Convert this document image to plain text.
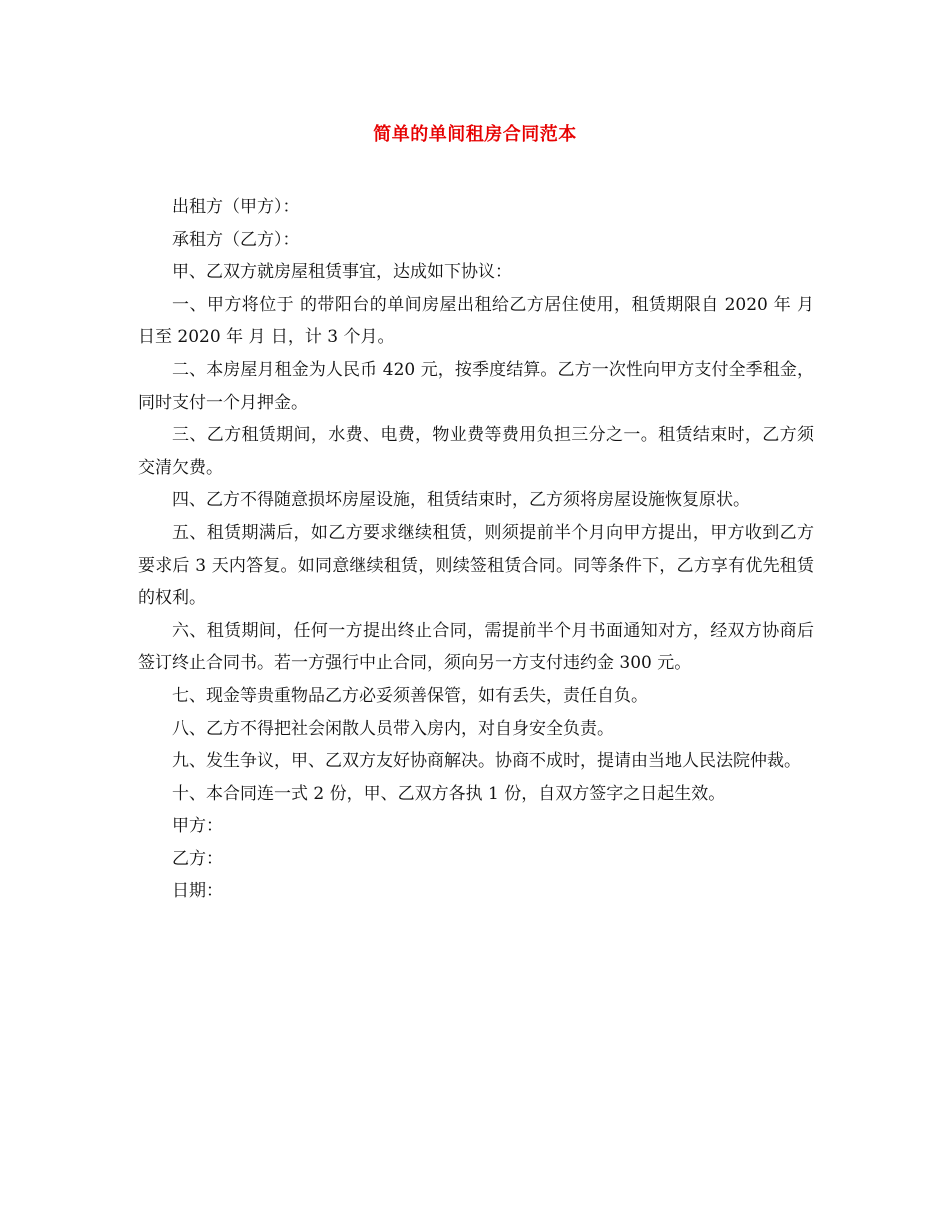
简单的单间租房合同范本

出租方（甲方）：

承租方（乙方）：

甲、乙双方就房屋租赁事宜，达成如下协议：

一、甲方将位于 的带阳台的单间房屋出租给乙方居住使用，租赁期限自 2020 年 月 日至 2020 年 月 日，计 3 个月。

二、本房屋月租金为人民币 420 元，按季度结算。乙方一次性向甲方支付全季租金，同时支付一个月押金。

三、乙方租赁期间，水费、电费，物业费等费用负担三分之一。租赁结束时，乙方须交清欠费。

四、乙方不得随意损坏房屋设施，租赁结束时，乙方须将房屋设施恢复原状。

五、租赁期满后，如乙方要求继续租赁，则须提前半个月向甲方提出，甲方收到乙方要求后 3 天内答复。如同意继续租赁，则续签租赁合同。同等条件下，乙方享有优先租赁的权利。

六、租赁期间，任何一方提出终止合同，需提前半个月书面通知对方，经双方协商后签订终止合同书。若一方强行中止合同，须向另一方支付违约金 300 元。

七、现金等贵重物品乙方必妥须善保管，如有丢失，责任自负。

八、乙方不得把社会闲散人员带入房内，对自身安全负责。

九、发生争议，甲、乙双方友好协商解决。协商不成时，提请由当地人民法院仲裁。

十、本合同连一式 2 份，甲、乙双方各执 1 份，自双方签字之日起生效。

甲方：

乙方：

日期：
